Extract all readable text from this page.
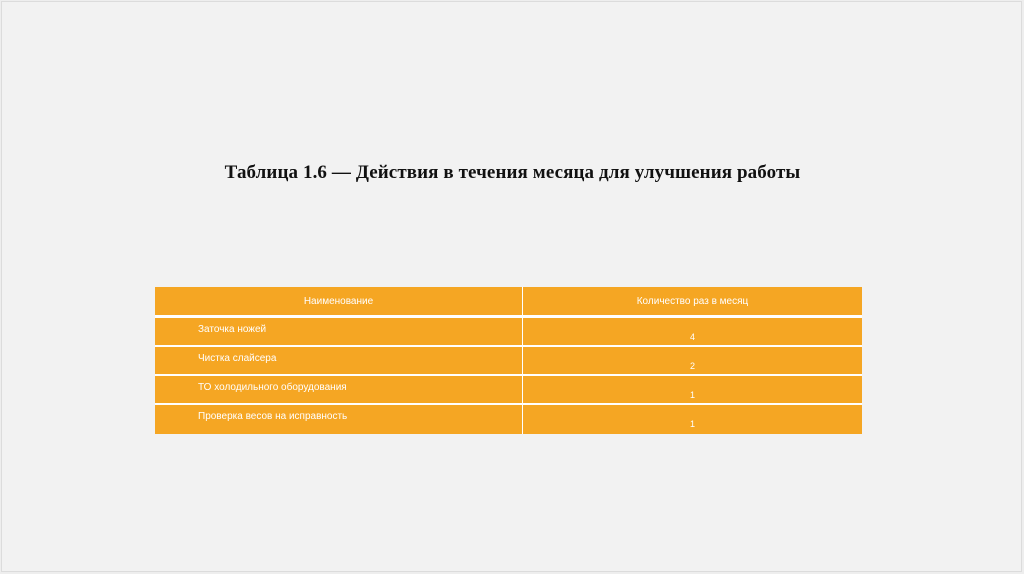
Таблица 1.6 — Действия в течения месяца для улучшения работы
Наименование	Количество раз в месяц
Заточка ножей
4
Чистка слайсера
2
ТО холодильного оборудования
1
Проверка весов на исправность
1
